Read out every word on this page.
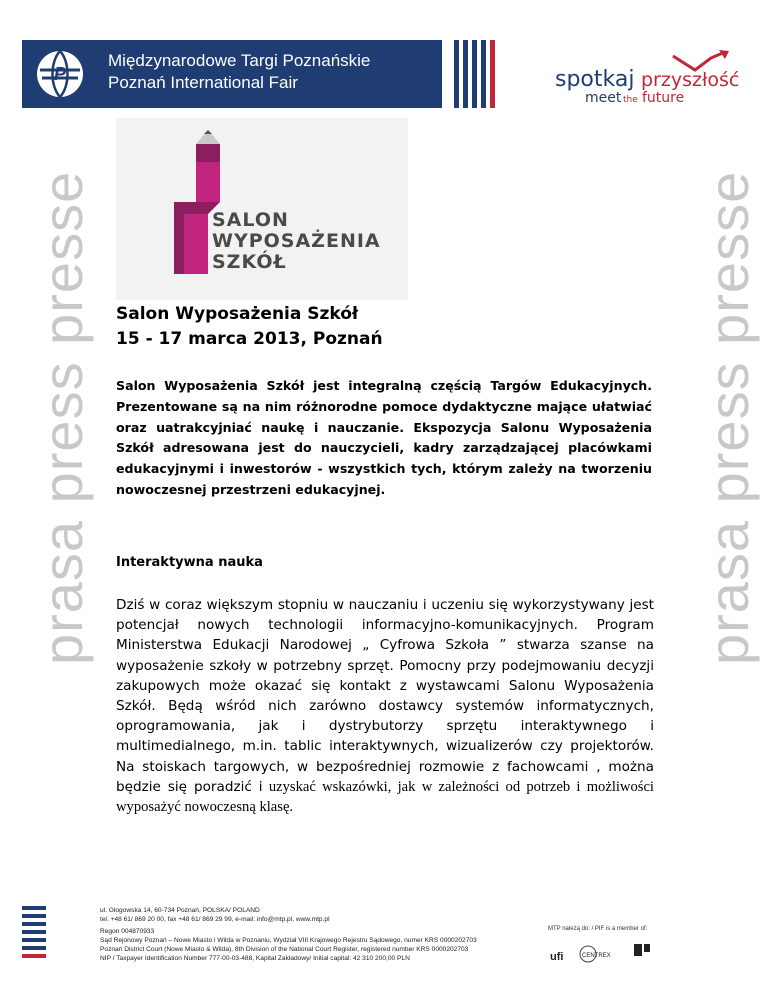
P
Międzynarodowe Targi Poznańskie
Poznań International Fair	spotkaj przyszłość
meet the future
prasa press presse	prasa press presse
SALON
WYPOSAŻENIA
SZKÓŁ
Salon Wyposażenia Szkół
15 - 17 marca 2013, Poznań

Salon Wyposażenia Szkół jest integralną częścią Targów Edukacyjnych. Prezentowane są na nim różnorodne pomoce dydaktyczne mające ułatwiać oraz uatrakcyjniać naukę i nauczanie. Ekspozycja Salonu Wyposażenia Szkół adresowana jest do nauczycieli, kadry zarządzającej placówkami edukacyjnymi i inwestorów - wszystkich tych, którym zależy na tworzeniu nowoczesnej przestrzeni edukacyjnej.

Interaktywna nauka

Dziś w coraz większym stopniu w nauczaniu i uczeniu się wykorzystywany jest potencjał nowych technologii informacyjno-komunikacyjnych. Program Ministerstwa Edukacji Narodowej „ Cyfrowa Szkoła ” stwarza szanse na wyposażenie szkoły w potrzebny sprzęt. Pomocny przy podejmowaniu decyzji zakupowych może okazać się kontakt z wystawcami Salonu Wyposażenia Szkół. Będą wśród nich zarówno dostawcy systemów informatycznych, oprogramowania, jak i dystrybutorzy sprzętu interaktywnego i multimedialnego, m.in. tablic interaktywnych, wizualizerów czy projektorów. Na stoiskach targowych, w bezpośredniej rozmowie z fachowcami , można będzie się poradzić i uzyskać wskazówki, jak w zależności od potrzeb i możliwości wyposażyć nowoczesną klasę.

ul. Głogowska 14, 60-734 Poznań, POLSKA/ POLAND
tel. +48 61/ 869 20 00, fax +48 61/ 869 29 99, e-mail: info@mtp.pl, www.mtp.pl
Regon 004870933
Sąd Rejonowy Poznań – Nowe Miasto i Wilda w Poznaniu, Wydział VIII Krajowego Rejestru Sądowego, numer KRS 0000202703
Poznań District Court (Nowe Miasto & Wilda), 8th Division of the National Court Register, registered number KRS 0000202703
NIP / Taxpayer Identification Number 777-00-03-488, Kapitał Zakładowy/ Initial capital: 42 310 200,00 PLN
MTP należą do: / PIF is a member of:
ufi	CENTREX
